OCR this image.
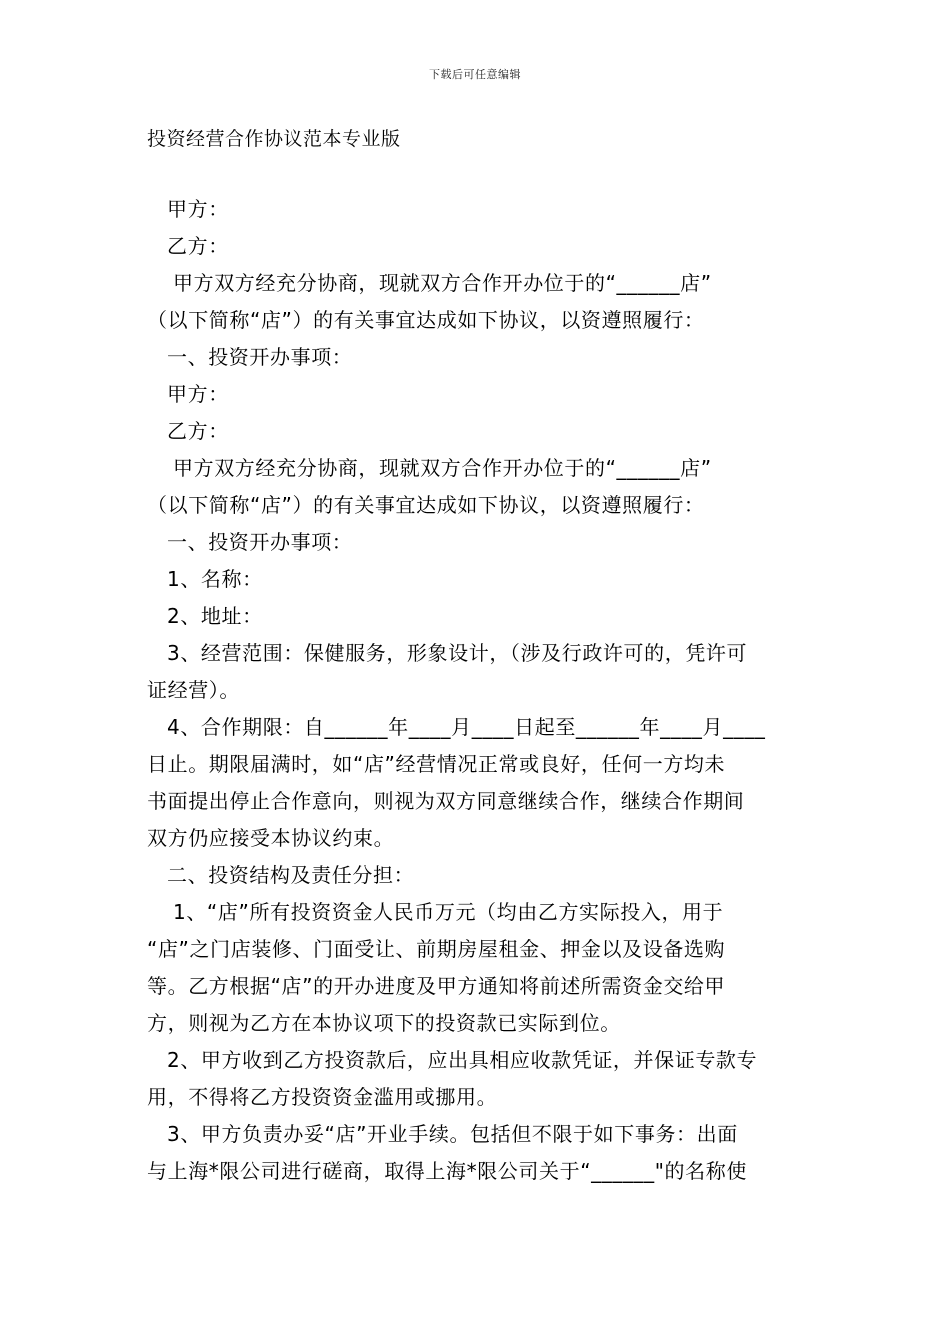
下载后可任意编辑
投资经营合作协议范本专业版

甲方：

乙方：

甲方双方经充分协商，现就双方合作开办位于的“______店”

（以下简称“店”）的有关事宜达成如下协议，以资遵照履行：

一、投资开办事项：

甲方：

乙方：

甲方双方经充分协商，现就双方合作开办位于的“______店”

（以下简称“店”）的有关事宜达成如下协议，以资遵照履行：

一、投资开办事项：

1、名称：

2、地址：

3、经营范围：保健服务，形象设计，（涉及行政许可的，凭许可

证经营）。

4、合作期限：自______年____月____日起至______年____月____

日止。期限届满时，如“店”经营情况正常或良好，任何一方均未

书面提出停止合作意向，则视为双方同意继续合作，继续合作期间

双方仍应接受本协议约束。

二、投资结构及责任分担：

1、“店”所有投资资金人民币万元（均由乙方实际投入，用于

“店”之门店装修、门面受让、前期房屋租金、押金以及设备选购

等。乙方根据“店”的开办进度及甲方通知将前述所需资金交给甲

方，则视为乙方在本协议项下的投资款已实际到位。

2、甲方收到乙方投资款后，应出具相应收款凭证，并保证专款专

用，不得将乙方投资资金滥用或挪用。

3、甲方负责办妥“店”开业手续。包括但不限于如下事务：出面

与上海*限公司进行磋商，取得上海*限公司关于“______"的名称使
